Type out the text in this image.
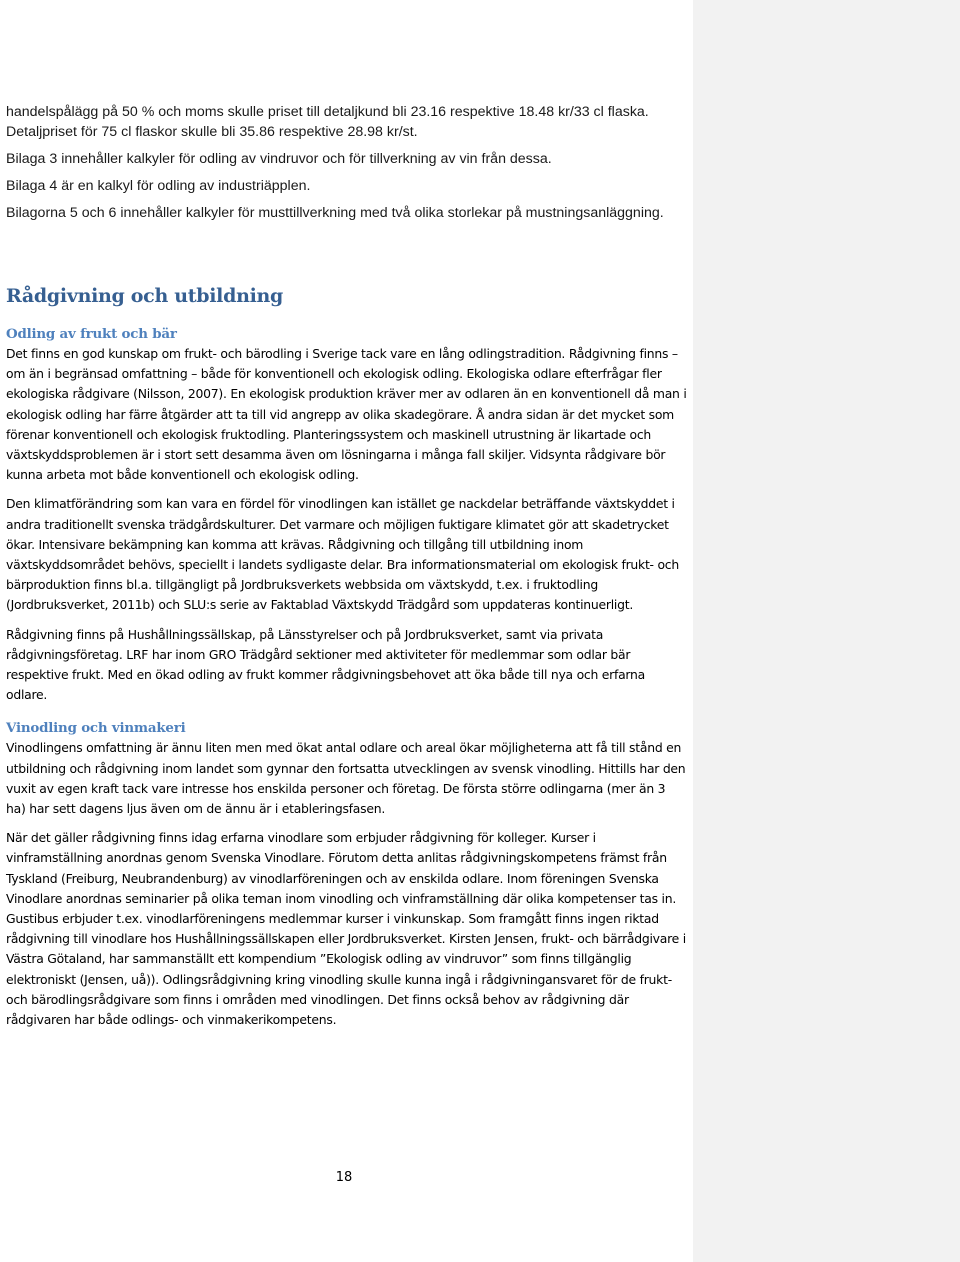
handelspålägg på 50 % och moms skulle priset till detaljkund bli 23.16 respektive 18.48 kr/33 cl flaska. Detaljpriset för 75 cl flaskor skulle bli 35.86 respektive 28.98 kr/st.

Bilaga 3 innehåller kalkyler för odling av vindruvor och för tillverkning av vin från dessa.

Bilaga 4 är en kalkyl för odling av industriäpplen.

Bilagorna 5 och 6 innehåller kalkyler för musttillverkning med två olika storlekar på mustningsanläggning.

Rådgivning och utbildning
Odling av frukt och bär

Det finns en god kunskap om frukt- och bärodling i Sverige tack vare en lång odlingstradition. Rådgivning finns – om än i begränsad omfattning – både för konventionell och ekologisk odling. Ekologiska odlare efterfrågar fler ekologiska rådgivare (Nilsson, 2007). En ekologisk produktion kräver mer av odlaren än en konventionell då man i ekologisk odling har färre åtgärder att ta till vid angrepp av olika skadegörare. Å andra sidan är det mycket som förenar konventionell och ekologisk fruktodling. Planteringssystem och maskinell utrustning är likartade och växtskyddsproblemen är i stort sett desamma även om lösningarna i många fall skiljer. Vidsynta rådgivare bör kunna arbeta mot både konventionell och ekologisk odling.

Den klimatförändring som kan vara en fördel för vinodlingen kan istället ge nackdelar beträffande växtskyddet i andra traditionellt svenska trädgårdskulturer. Det varmare och möjligen fuktigare klimatet gör att skadetrycket ökar. Intensivare bekämpning kan komma att krävas. Rådgivning och tillgång till utbildning inom växtskyddsområdet behövs, speciellt i landets sydligaste delar. Bra informationsmaterial om ekologisk frukt- och bärproduktion finns bl.a. tillgängligt på Jordbruksverkets webbsida om växtskydd, t.ex. i fruktodling (Jordbruksverket, 2011b) och SLU:s serie av Faktablad Växtskydd Trädgård som uppdateras kontinuerligt.

Rådgivning finns på Hushållningssällskap, på Länsstyrelser och på Jordbruksverket, samt via privata rådgivningsföretag. LRF har inom GRO Trädgård sektioner med aktiviteter för medlemmar som odlar bär respektive frukt. Med en ökad odling av frukt kommer rådgivningsbehovet att öka både till nya och erfarna odlare.

Vinodling och vinmakeri

Vinodlingens omfattning är ännu liten men med ökat antal odlare och areal ökar möjligheterna att få till stånd en utbildning och rådgivning inom landet som gynnar den fortsatta utvecklingen av svensk vinodling. Hittills har den vuxit av egen kraft tack vare intresse hos enskilda personer och företag. De första större odlingarna (mer än 3 ha) har sett dagens ljus även om de ännu är i etableringsfasen.

När det gäller rådgivning finns idag erfarna vinodlare som erbjuder rådgivning för kolleger. Kurser i vinframställning anordnas genom Svenska Vinodlare. Förutom detta anlitas rådgivningskompetens främst från Tyskland (Freiburg, Neubrandenburg) av vinodlarföreningen och av enskilda odlare. Inom föreningen Svenska Vinodlare anordnas seminarier på olika teman inom vinodling och vinframställning där olika kompetenser tas in. Gustibus erbjuder t.ex. vinodlarföreningens medlemmar kurser i vinkunskap. Som framgått finns ingen riktad rådgivning till vinodlare hos Hushållningssällskapen eller Jordbruksverket. Kirsten Jensen, frukt- och bärrådgivare i Västra Götaland, har sammanställt ett kompendium ”Ekologisk odling av vindruvor” som finns tillgänglig elektroniskt (Jensen, uå)). Odlingsrådgivning kring vinodling skulle kunna ingå i rådgivningansvaret för de frukt- och bärodlingsrådgivare som finns i områden med vinodlingen. Det finns också behov av rådgivning där rådgivaren har både odlings- och vinmakerikompetens.

18
